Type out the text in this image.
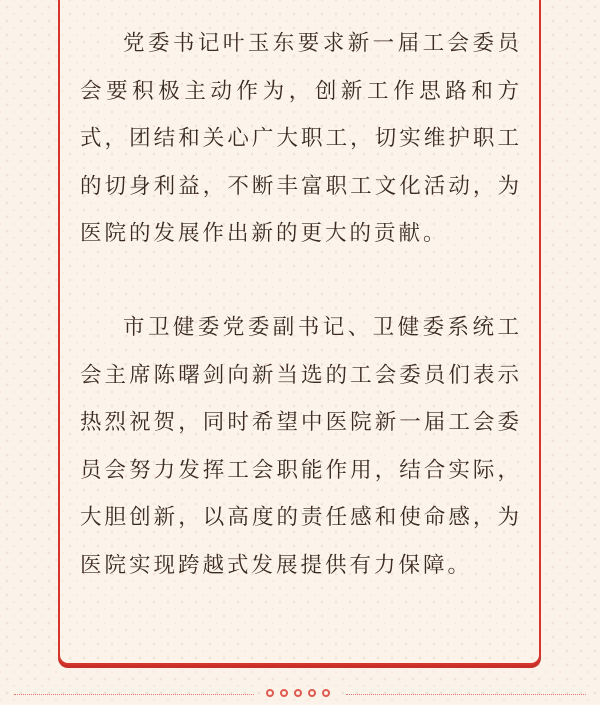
党委书记叶玉东要求新一届工会委员会要积极主动作为，创新工作思路和方式，团结和关心广大职工，切实维护职工的切身利益，不断丰富职工文化活动，为医院的发展作出新的更大的贡献。

市卫健委党委副书记、卫健委系统工会主席陈曙剑向新当选的工会委员们表示热烈祝贺，同时希望中医院新一届工会委员会努力发挥工会职能作用，结合实际，大胆创新，以高度的责任感和使命感，为医院实现跨越式发展提供有力保障。
